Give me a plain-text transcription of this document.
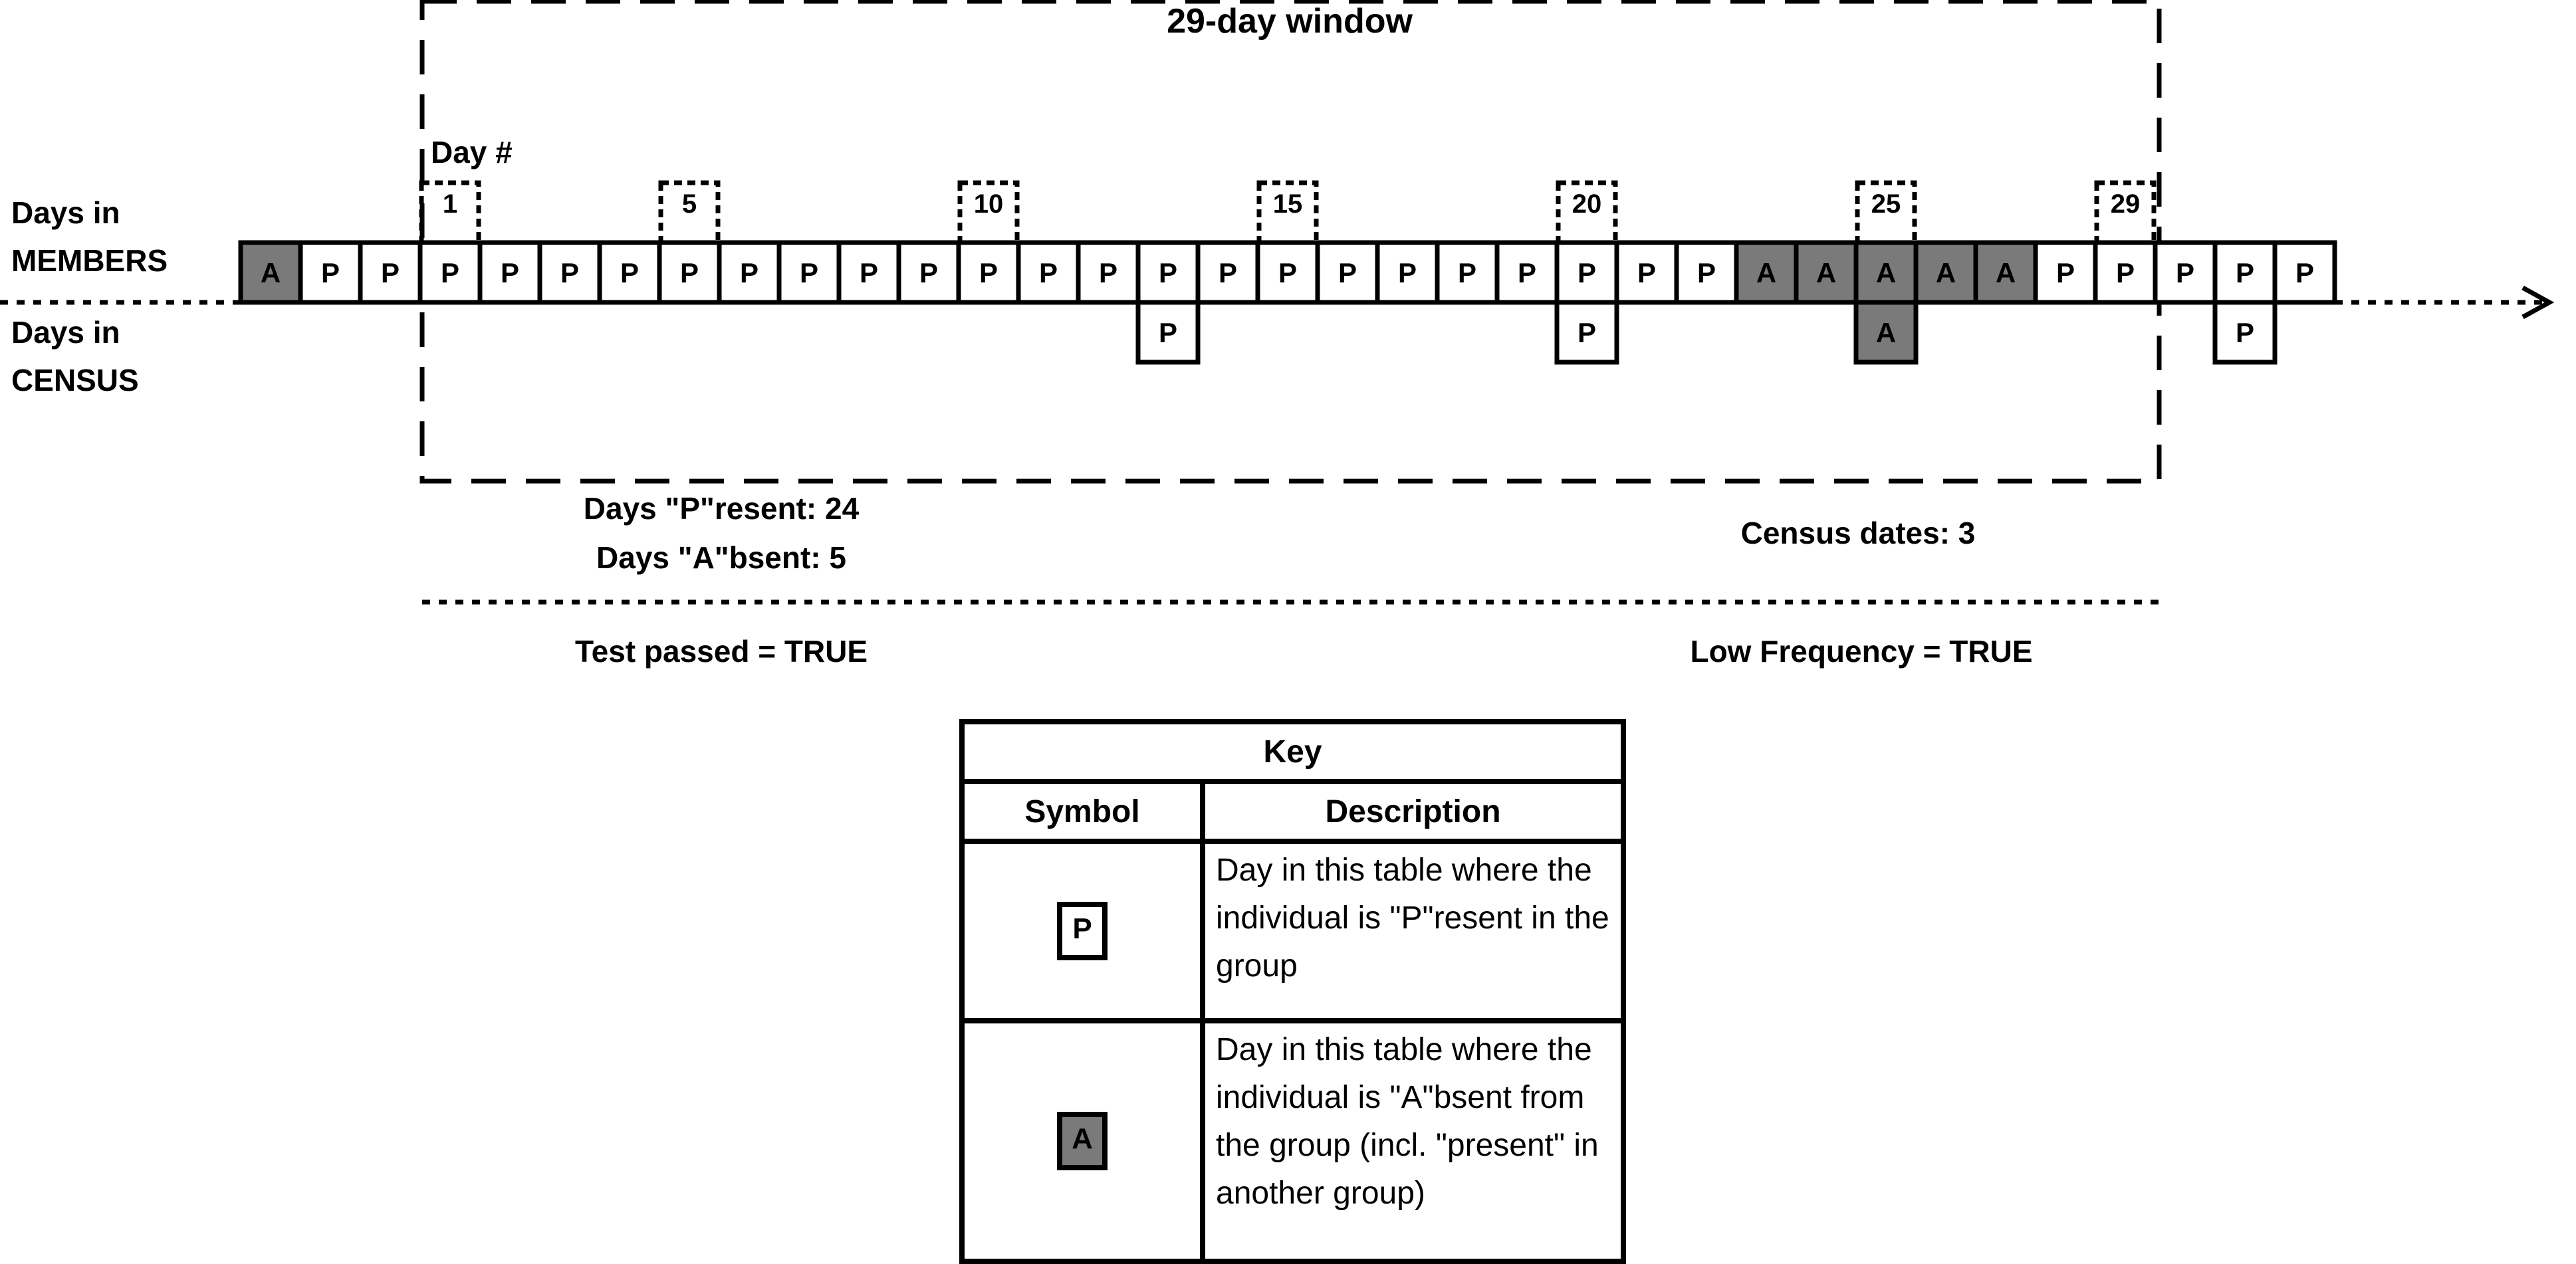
1	5	10	15	20	25	29
A P P P P P P P P P P P P P P P P P P P P P P P P A A A A A P P P P P
P	P	A	P
29-day window
Day #
Days in
MEMBERS
Days in
CENSUS
Days "P"resent: 24
Days "A"bsent: 5
Census dates: 3
Test passed = TRUE	Low Frequency = TRUE
Key	
Symbol	Description
P	Day in this table where the individual is "P"resent in the group
A	Day in this table where the individual is "A"bsent from the group (incl. "present" in another group)
